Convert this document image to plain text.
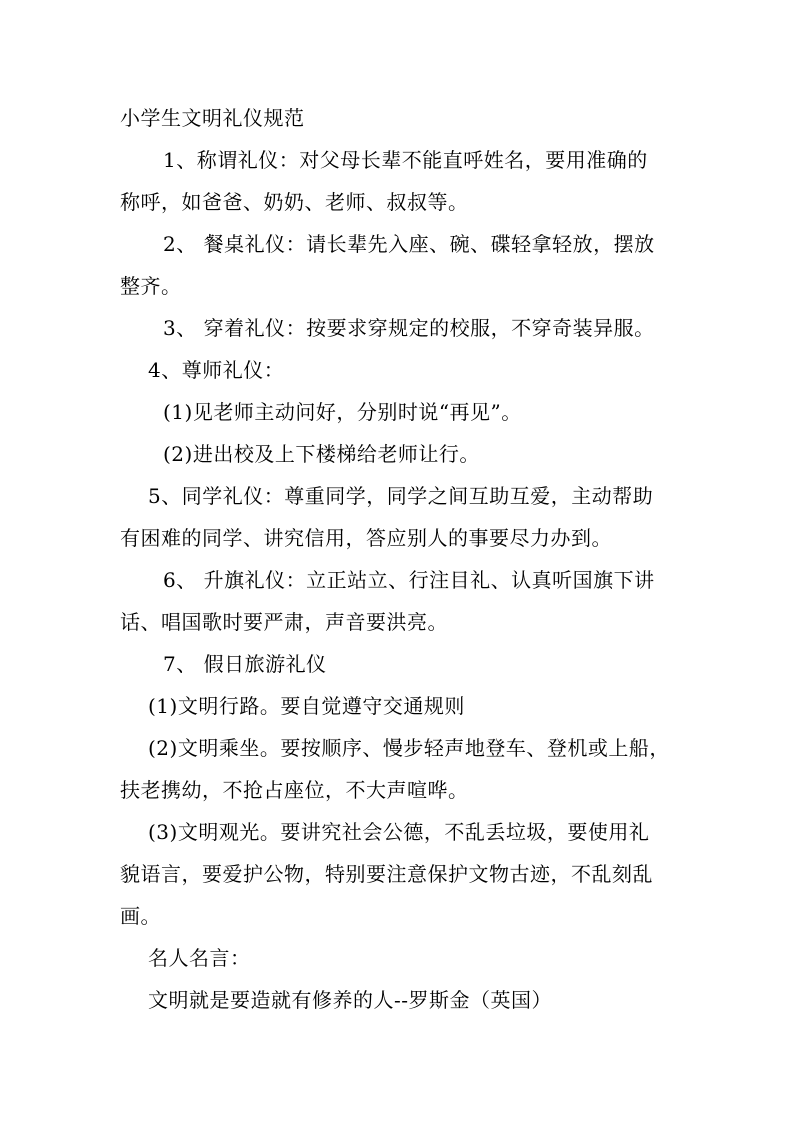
小学生文明礼仪规范
1、称谓礼仪：对父母长辈不能直呼姓名，要用准确的
称呼，如爸爸、奶奶、老师、叔叔等。
2、 餐桌礼仪：请长辈先入座、碗、碟轻拿轻放，摆放
整齐。
3、 穿着礼仪：按要求穿规定的校服，不穿奇装异服。
4、尊师礼仪：
(1)见老师主动问好，分别时说“再见”。
(2)进出校及上下楼梯给老师让行。
5、同学礼仪：尊重同学，同学之间互助互爱，主动帮助
有困难的同学、讲究信用，答应别人的事要尽力办到。
6、 升旗礼仪：立正站立、行注目礼、认真听国旗下讲
话、唱国歌时要严肃，声音要洪亮。
7、 假日旅游礼仪
(1)文明行路。要自觉遵守交通规则
(2)文明乘坐。要按顺序、慢步轻声地登车、登机或上船，
扶老携幼，不抢占座位，不大声喧哗。
(3)文明观光。要讲究社会公德，不乱丢垃圾，要使用礼
貌语言，要爱护公物，特别要注意保护文物古迹，不乱刻乱
画。
名人名言：
文明就是要造就有修养的人--罗斯金（英国）
